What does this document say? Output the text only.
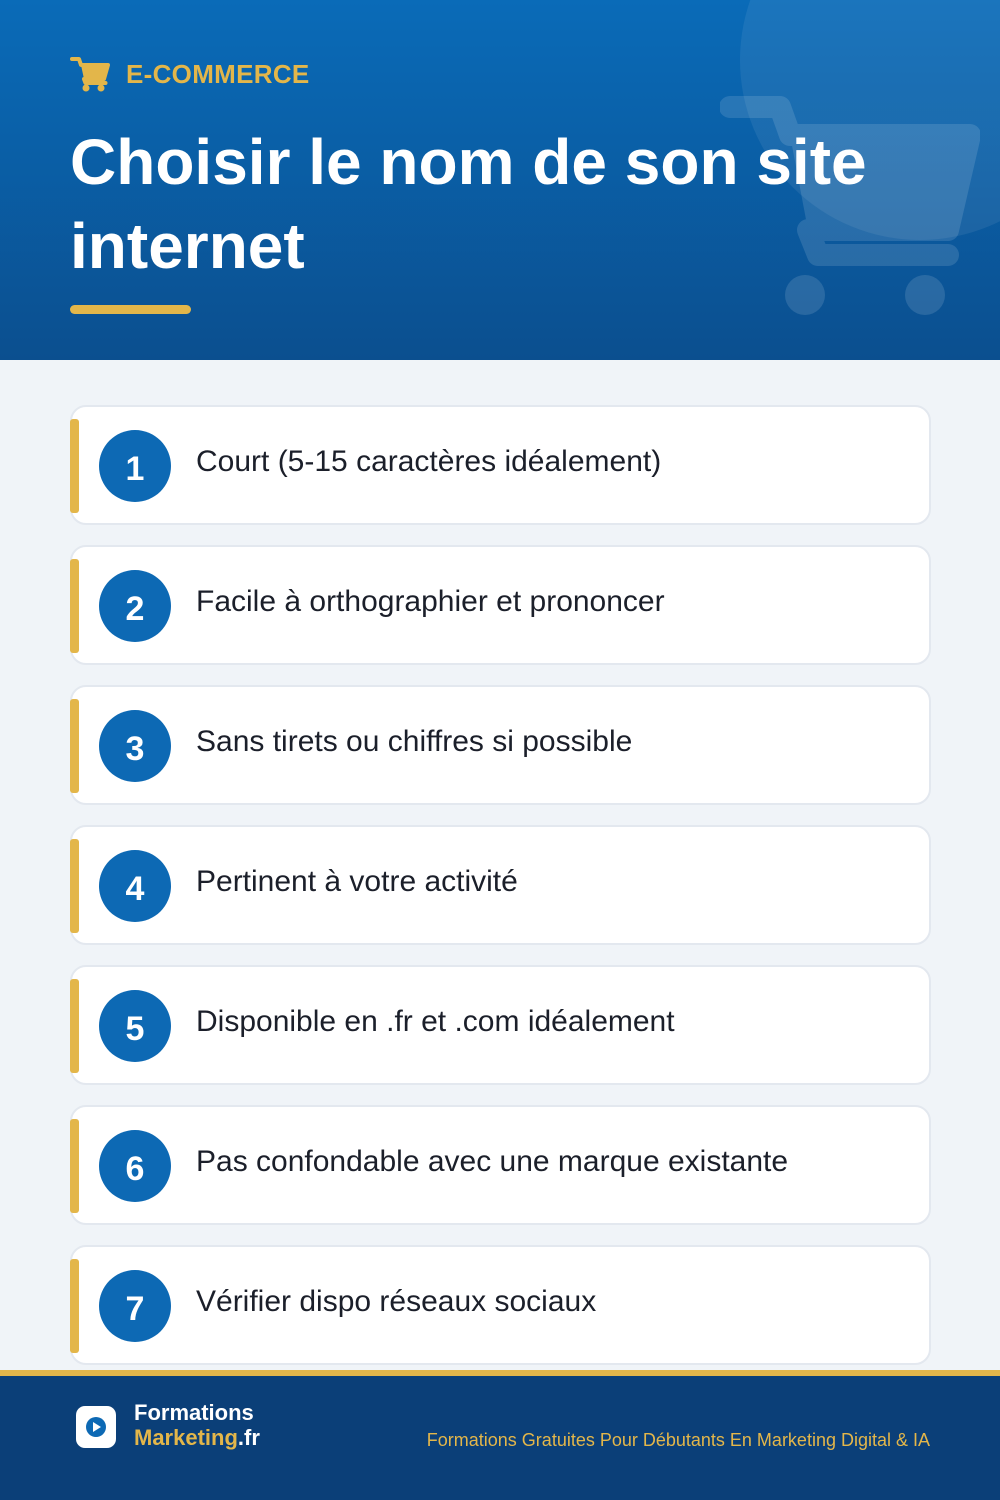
E-COMMERCE
Choisir le nom de son site internet
1	Court (5-15 caractères idéalement)
2	Facile à orthographier et prononcer
3	Sans tirets ou chiffres si possible
4	Pertinent à votre activité
5	Disponible en .fr et .com idéalement
6	Pas confondable avec une marque existante
7	Vérifier dispo réseaux sociaux
Formations
Marketing.fr	Formations Gratuites Pour Débutants En Marketing Digital & IA
